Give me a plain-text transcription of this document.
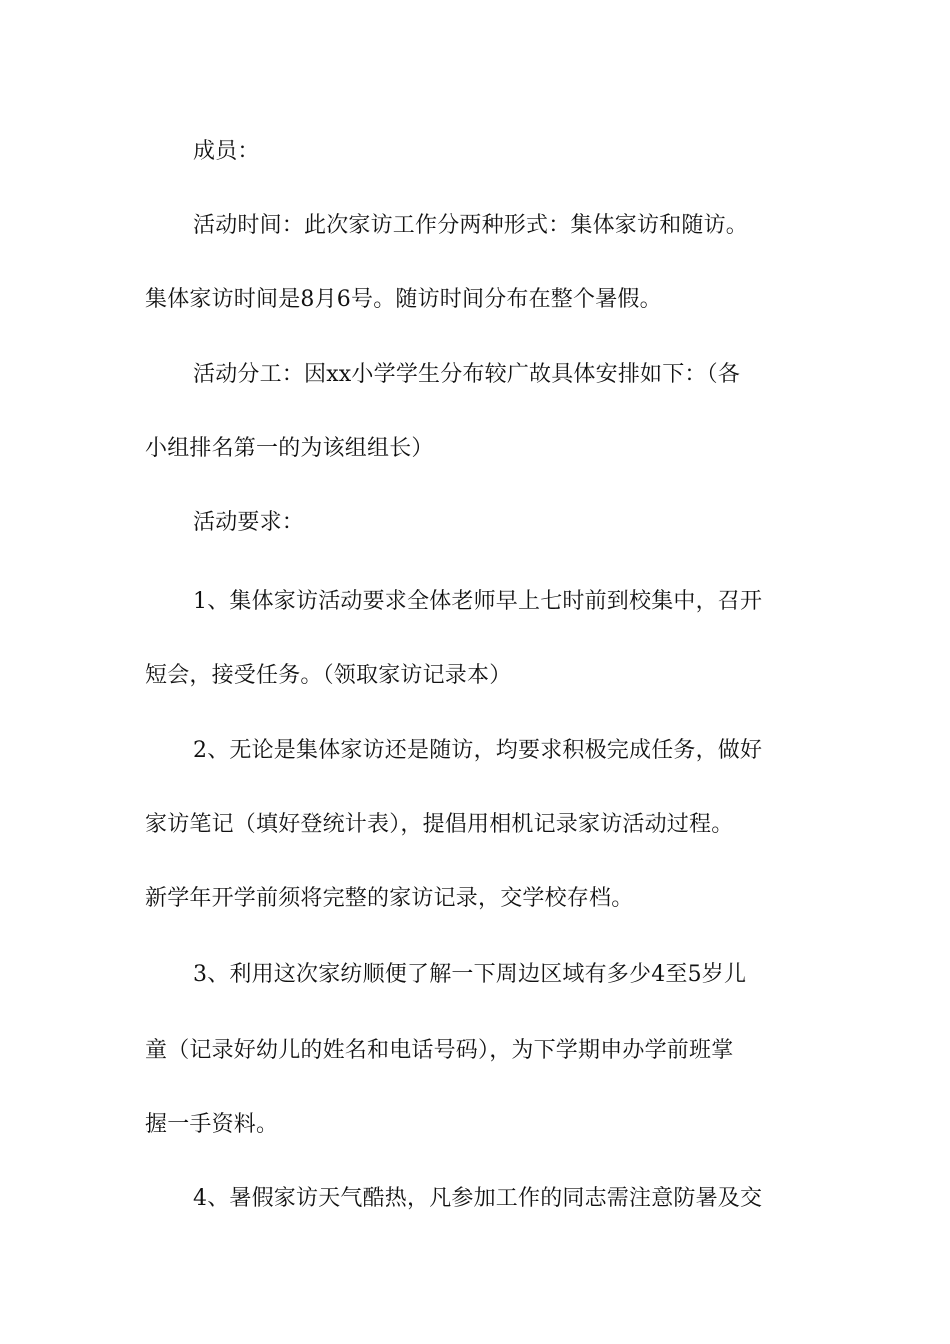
成员：
活动时间：此次家访工作分两种形式：集体家访和随访。
集体家访时间是8月6号。随访时间分布在整个暑假。
活动分工：因xx小学学生分布较广故具体安排如下：（各
小组排名第一的为该组组长）
活动要求：
1、集体家访活动要求全体老师早上七时前到校集中，召开
短会，接受任务。（领取家访记录本）
2、无论是集体家访还是随访，均要求积极完成任务，做好
家访笔记（填好登统计表），提倡用相机记录家访活动过程。
新学年开学前须将完整的家访记录，交学校存档。
3、利用这次家纺顺便了解一下周边区域有多少4至5岁儿
童（记录好幼儿的姓名和电话号码），为下学期申办学前班掌
握一手资料。
4、暑假家访天气酷热，凡参加工作的同志需注意防暑及交
